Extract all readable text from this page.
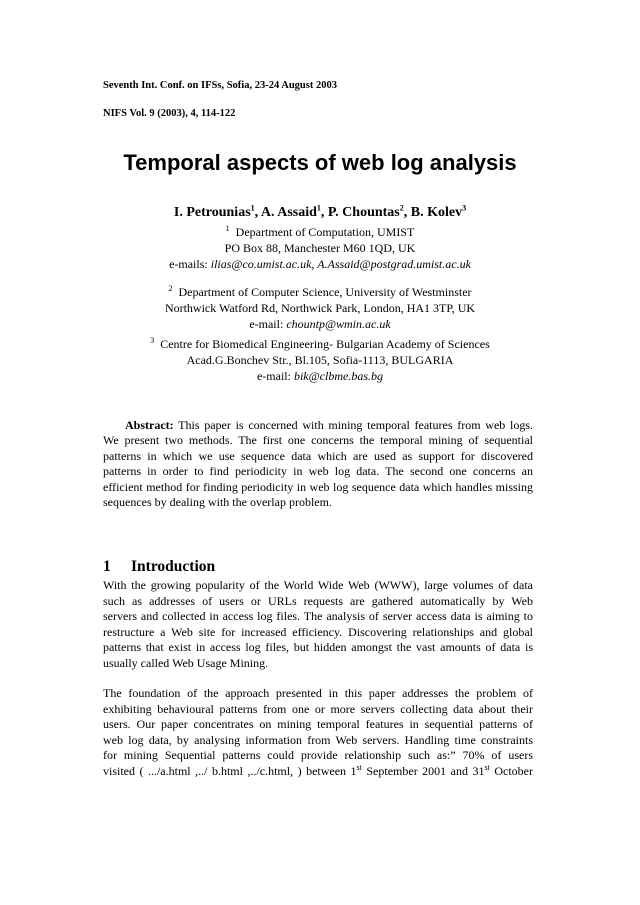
Seventh Int. Conf. on IFSs, Sofia, 23-24 August 2003
NIFS Vol. 9 (2003), 4, 114-122
Temporal aspects of web log analysis
I. Petrounias$^1$, A. Assaid$^1$, P. Chountas$^2$, B. Kolev$^3$
$^1$ Department of Computation, UMIST
PO Box 88, Manchester M60 1QD, UK
e-mails: ilias@co.umist.ac.uk, A.Assaid@postgrad.umist.ac.uk
$^2$ Department of Computer Science, University of Westminster
Northwick Watford Rd, Northwick Park, London, HA1 3TP, UK
e-mail: chountp@wmin.ac.uk
$^3$ Centre for Biomedical Engineering- Bulgarian Academy of Sciences
Acad.G.Bonchev Str., Bl.105, Sofia-1113, BULGARIA
e-mail: bik@clbme.bas.bg
Abstract: This paper is concerned with mining temporal features from web logs.
We present two methods. The first one concerns the temporal mining of sequential
patterns in which we use sequence data which are used as support for discovered
patterns in order to find periodicity in web log data. The second one concerns an
efficient method for finding periodicity in web log sequence data which handles missing
sequences by dealing with the overlap problem.
1 Introduction
With the growing popularity of the World Wide Web (WWW), large volumes of data
such as addresses of users or URLs requests are gathered automatically by Web
servers and collected in access log files. The analysis of server access data is aiming to
restructure a Web site for increased efficiency. Discovering relationships and global
patterns that exist in access log files, but hidden amongst the vast amounts of data is
usually called Web Usage Mining.
The foundation of the approach presented in this paper addresses the problem of
exhibiting behavioural patterns from one or more servers collecting data about their
users. Our paper concentrates on mining temporal features in sequential patterns of
web log data, by analysing information from Web servers. Handling time constraints
for mining Sequential patterns could provide relationship such as:” 70% of users
visited ( .../a.html ,../ b.html ,../c.html, ) between 1st September 2001 and 31st October
